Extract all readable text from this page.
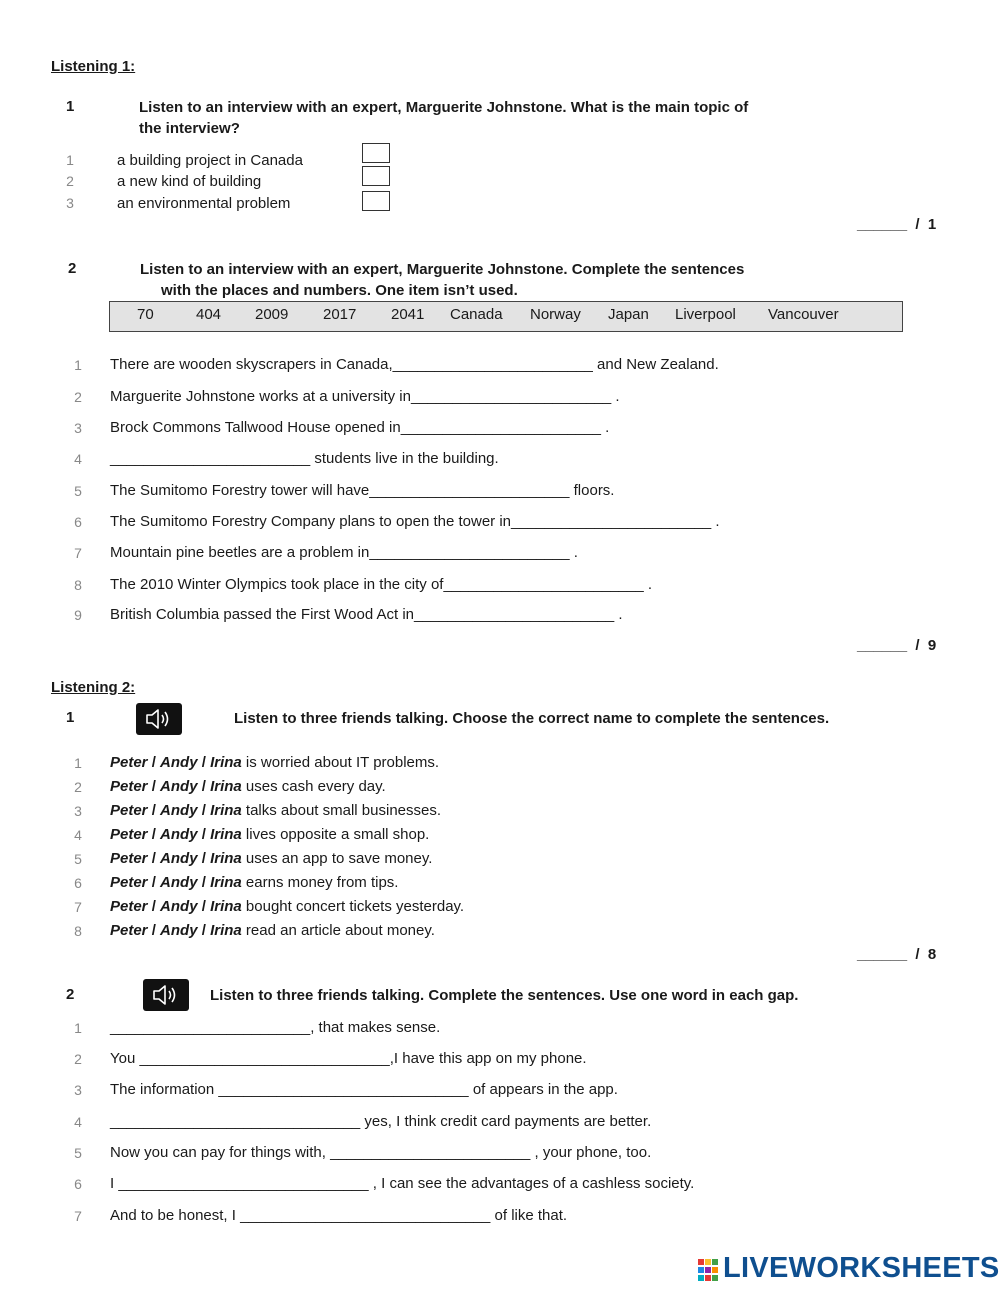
Listening 1:
1	Listen to an interview with an expert, Marguerite Johnstone. What is the main topic of
the interview?
1	a building project in Canada
2	a new kind of building
3	an environmental problem
______  /  1
2	Listen to an interview with an expert, Marguerite Johnstone. Complete the sentences
with the places and numbers. One item isn’t used.
70	404 2009 2017 2041 Canada Norway Japan Liverpool Vancouver
1	There are wooden skyscrapers in Canada,________________________ and New Zealand.
2	Marguerite Johnstone works at a university in________________________ .
3	Brock Commons Tallwood House opened in________________________ .
4	________________________ students live in the building.
5	The Sumitomo Forestry tower will have________________________ floors.
6	The Sumitomo Forestry Company plans to open the tower in________________________ .
7	Mountain pine beetles are a problem in________________________ .
8	The 2010 Winter Olympics took place in the city of________________________ .
9	British Columbia passed the First Wood Act in________________________ .
______  /  9
Listening 2:
1	Listen to three friends talking. Choose the correct name to complete the sentences.
1	Peter / Andy / Irina is worried about IT problems.
2	Peter / Andy / Irina uses cash every day.
3	Peter / Andy / Irina talks about small businesses.
4	Peter / Andy / Irina lives opposite a small shop.
5	Peter / Andy / Irina uses an app to save money.
6	Peter / Andy / Irina earns money from tips.
7	Peter / Andy / Irina bought concert tickets yesterday.
8	Peter / Andy / Irina read an article about money.
______  /  8
2	Listen to three friends talking. Complete the sentences. Use one word in each gap.
1	________________________, that makes sense.
2	You ______________________________,I have this app on my phone.
3	The information ______________________________ of appears in the app.
4	______________________________ yes, I think credit card payments are better.
5	Now you can pay for things with, ________________________ , your phone, too.
6	I ______________________________ , I can see the advantages of a cashless society.
7	And to be honest, I ______________________________ of like that.
LIVEWORKSHEETS
